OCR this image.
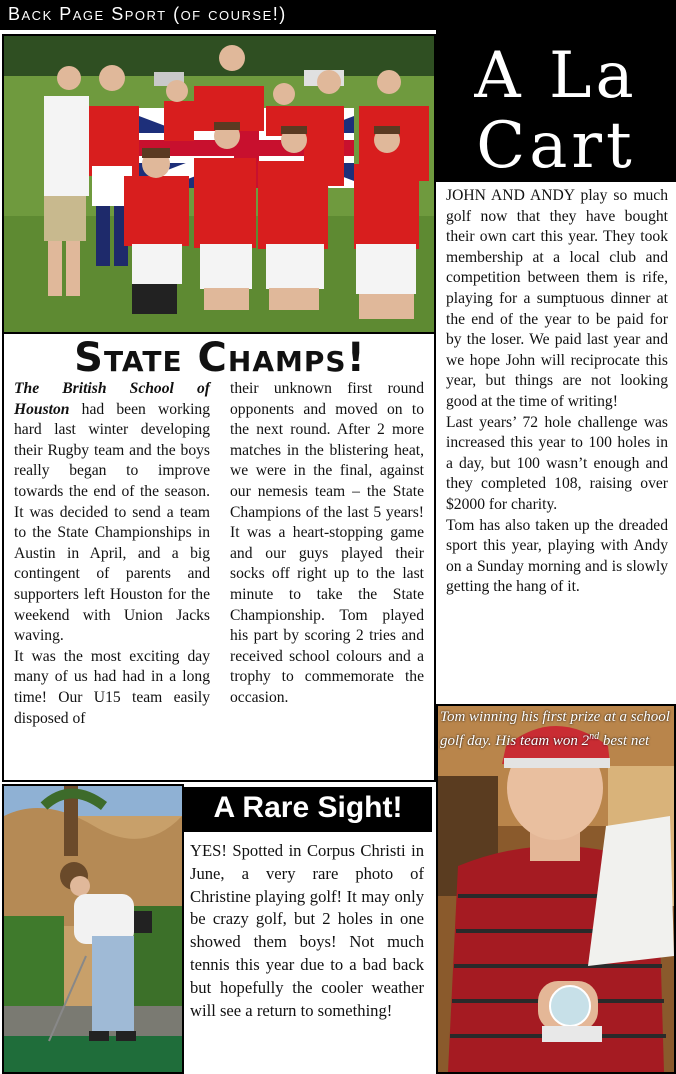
Back Page Sport (of course!)
A La
Cart

JOHN AND ANDY play so much golf now that they have bought their own cart this year. They took membership at a local club and competition between them is rife, playing for a sumptuous dinner at the end of the year to be paid for by the loser. We paid last year and we hope John will reciprocate this year, but things are not looking good at the time of writing!

Last years’ 72 hole challenge was increased this year to 100 holes in a day, but 100 wasn’t enough and they completed 108, raising over $2000 for charity.

Tom has also taken up the dreaded sport this year, playing with Andy on a Sunday morning and is slowly getting the hang of it.

State Champs!

The British School of Houston had been working hard last winter developing their Rugby team and the boys really began to improve towards the end of the season. It was decided to send a team to the State Championships in Austin in April, and a big contingent of parents and supporters left Houston for the weekend with Union Jacks waving.

It was the most exciting day many of us had had in a long time! Our U15 team easily disposed of

their unknown first round opponents and moved on to the next round. After 2 more matches in the blistering heat, we were in the final, against our nemesis team – the State Champions of the last 5 years! It was a heart-stopping game and our guys played their socks off right up to the last minute to take the State Championship. Tom played his part by scoring 2 tries and received school colours and a trophy to commemorate the occasion.

A Rare Sight!

YES! Spotted in Corpus Christi in June, a very rare photo of Christine playing golf! It may only be crazy golf, but 2 holes in one showed them boys! Not much tennis this year due to a bad back but hopefully the cooler weather will see a return to something!

Tom winning his first prize at a school golf day. His team won 2nd best net
